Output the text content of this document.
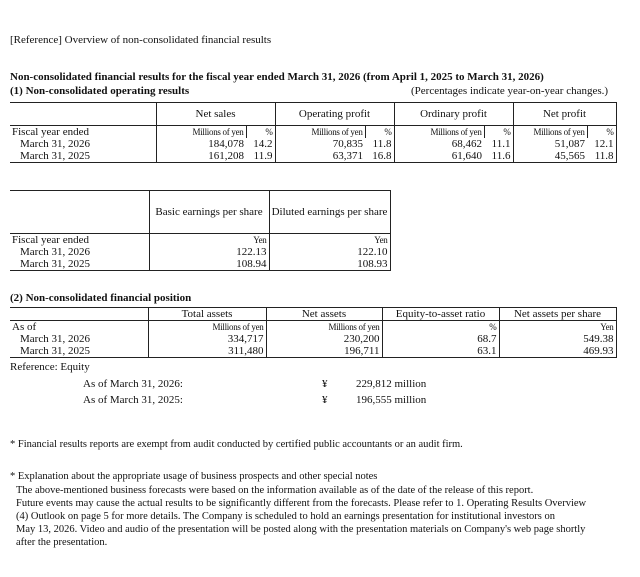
[Reference] Overview of non-consolidated financial results
Non-consolidated financial results for the fiscal year ended March 31, 2026 (from April 1, 2025 to March 31, 2026)
(1) Non-consolidated operating results	(Percentages indicate year-on-year changes.)
	Net sales		Operating profit		Ordinary profit		Net profit	
Fiscal year ended	Millions of yen	%	Millions of yen	%	Millions of yen	%	Millions of yen	%
March 31, 2026	184,078	14.2	70,835	11.8	68,462	11.1	51,087	12.1
March 31, 2025	161,208	11.9	63,371	16.8	61,640	11.6	45,565	11.8
	Basic earnings per share	Diluted earnings per share
Fiscal year ended	Yen	Yen
March 31, 2026	122.13	122.10
March 31, 2025	108.94	108.93
(2) Non-consolidated financial position
	Total assets	Net assets	Equity-to-asset ratio	Net assets per share
As of	Millions of yen	Millions of yen	%	Yen
March 31, 2026	334,717	230,200	68.7	549.38
March 31, 2025	311,480	196,711	63.1	469.93
Reference: Equity
As of March 31, 2026:	¥	229,812 million
As of March 31, 2025:	¥	196,555 million
* Financial results reports are exempt from audit conducted by certified public accountants or an audit firm.
* Explanation about the appropriate usage of business prospects and other special notes
The above-mentioned business forecasts were based on the information available as of the date of the release of this report.
Future events may cause the actual results to be significantly different from the forecasts. Please refer to 1. Operating Results Overview
(4) Outlook on page 5 for more details. The Company is scheduled to hold an earnings presentation for institutional investors on
May 13, 2026. Video and audio of the presentation will be posted along with the presentation materials on Company's web page shortly
after the presentation.
